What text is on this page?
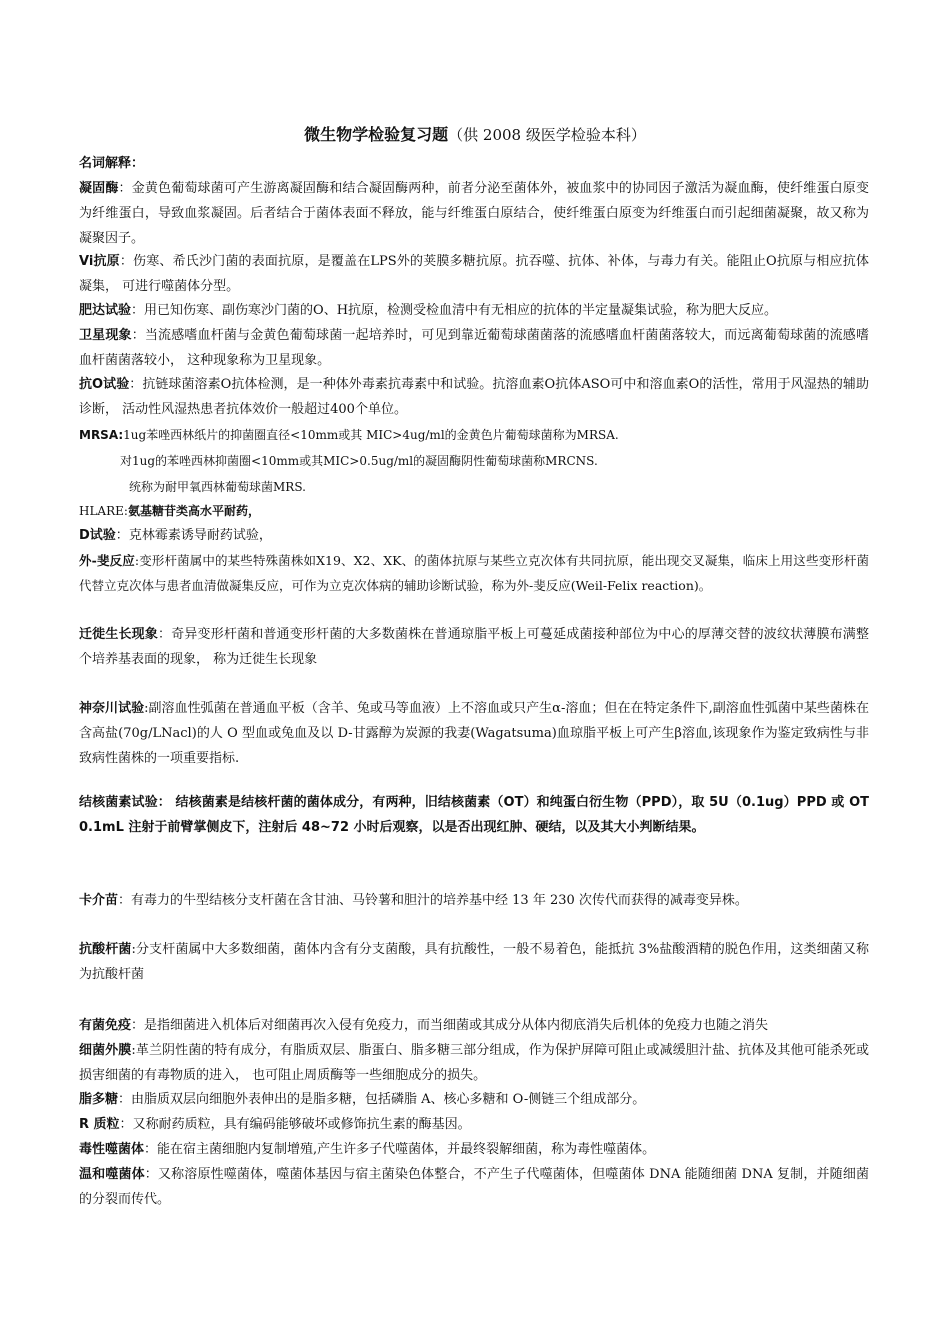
微生物学检验复习题（供 2008 级医学检验本科）
名词解释：
凝固酶：金黄色葡萄球菌可产生游离凝固酶和结合凝固酶两种，前者分泌至菌体外，被血浆中的协同因子激活为凝血酶，使纤维蛋白原变为纤维蛋白，导致血浆凝固。后者结合于菌体表面不释放，能与纤维蛋白原结合，使纤维蛋白原变为纤维蛋白而引起细菌凝聚，故又称为凝聚因子。
Vi抗原：伤寒、希氏沙门菌的表面抗原，是覆盖在LPS外的荚膜多糖抗原。抗吞噬、抗体、补体，与毒力有关。能阻止O抗原与相应抗体凝集， 可进行噬菌体分型。
肥达试验：用已知伤寒、副伤寒沙门菌的O、H抗原，检测受检血清中有无相应的抗体的半定量凝集试验，称为肥大反应。
卫星现象：当流感嗜血杆菌与金黄色葡萄球菌一起培养时，可见到靠近葡萄球菌菌落的流感嗜血杆菌菌落较大，而远离葡萄球菌的流感嗜血杆菌菌落较小， 这种现象称为卫星现象。
抗O试验：抗链球菌溶素O抗体检测，是一种体外毒素抗毒素中和试验。抗溶血素O抗体ASO可中和溶血素O的活性，常用于风湿热的辅助诊断， 活动性风湿热患者抗体效价一般超过400个单位。
MRSA:1ug苯唑西林纸片的抑菌圈直径<10mm或其 MIC>4ug/ml的金黄色片葡萄球菌称为MRSA.
对1ug的苯唑西林抑菌圈<10mm或其MIC>0.5ug/ml的凝固酶阴性葡萄球菌称MRCNS.
统称为耐甲氧西林葡萄球菌MRS.
HLARE:氨基糖苷类高水平耐药，
D试验：克林霉素诱导耐药试验，
外-斐反应:变形杆菌属中的某些特殊菌株如X19、X2、XK、的菌体抗原与某些立克次体有共同抗原，能出现交叉凝集，临床上用这些变形杆菌代替立克次体与患者血清做凝集反应，可作为立克次体病的辅助诊断试验，称为外-斐反应(Weil-Felix reaction)。
迁徙生长现象：奇异变形杆菌和普通变形杆菌的大多数菌株在普通琼脂平板上可蔓延成菌接种部位为中心的厚薄交替的波纹状薄膜布满整个培养基表面的现象， 称为迁徙生长现象
神奈川试验:副溶血性弧菌在普通血平板（含羊、兔或马等血液）上不溶血或只产生α-溶血；但在在特定条件下,副溶血性弧菌中某些菌株在含高盐(70g/LNacl)的人 O 型血或兔血及以 D-甘露醇为炭源的我妻(Wagatsuma)血琼脂平板上可产生β溶血,该现象作为鉴定致病性与非致病性菌株的一项重要指标.
结核菌素试验： 结核菌素是结核杆菌的菌体成分，有两种，旧结核菌素（OT）和纯蛋白衍生物（PPD），取 5U（0.1ug）PPD 或 OT 0.1mL 注射于前臂掌侧皮下，注射后 48~72 小时后观察，以是否出现红肿、硬结，以及其大小判断结果。
卡介苗：有毒力的牛型结核分支杆菌在含甘油、马铃薯和胆汁的培养基中经 13 年 230 次传代而获得的减毒变异株。
抗酸杆菌:分支杆菌属中大多数细菌，菌体内含有分支菌酸，具有抗酸性，一般不易着色，能抵抗 3%盐酸酒精的脱色作用，这类细菌又称为抗酸杆菌
有菌免疫：是指细菌进入机体后对细菌再次入侵有免疫力，而当细菌或其成分从体内彻底消失后机体的免疫力也随之消失
细菌外膜:革兰阴性菌的特有成分，有脂质双层、脂蛋白、脂多糖三部分组成，作为保护屏障可阻止或减缓胆汁盐、抗体及其他可能杀死或损害细菌的有毒物质的进入， 也可阻止周质酶等一些细胞成分的损失。
脂多糖：由脂质双层向细胞外表伸出的是脂多糖，包括磷脂 A、核心多糖和 O-侧链三个组成部分。
R 质粒：又称耐药质粒，具有编码能够破坏或修饰抗生素的酶基因。
毒性噬菌体：能在宿主菌细胞内复制增殖,产生许多子代噬菌体，并最终裂解细菌，称为毒性噬菌体。
温和噬菌体：又称溶原性噬菌体，噬菌体基因与宿主菌染色体整合，不产生子代噬菌体，但噬菌体 DNA 能随细菌 DNA 复制，并随细菌的分裂而传代。
